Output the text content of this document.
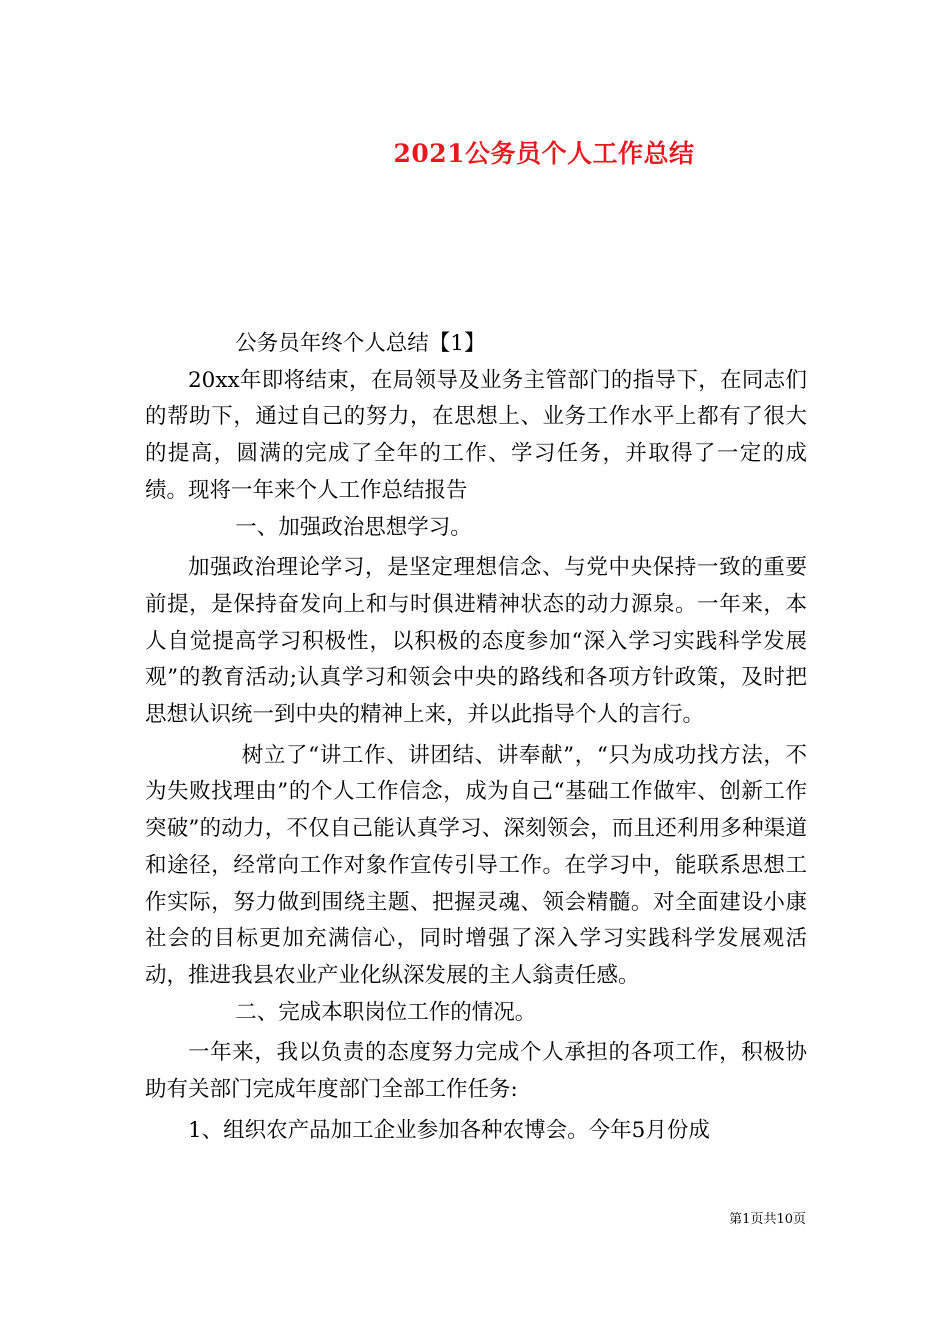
2021公务员个人工作总结

公务员年终个人总结【1】

20xx年即将结束，在局领导及业务主管部门的指导下，在同志们的帮助下，通过自己的努力，在思想上、业务工作水平上都有了很大的提高，圆满的完成了全年的工作、学习任务，并取得了一定的成绩。现将一年来个人工作总结报告

一、加强政治思想学习。

加强政治理论学习，是坚定理想信念、与党中央保持一致的重要前提，是保持奋发向上和与时俱进精神状态的动力源泉。一年来，本人自觉提高学习积极性，以积极的态度参加“深入学习实践科学发展观”的教育活动;认真学习和领会中央的路线和各项方针政策，及时把思想认识统一到中央的精神上来，并以此指导个人的言行。

树立了“讲工作、讲团结、讲奉献”，“只为成功找方法，不为失败找理由”的个人工作信念，成为自己“基础工作做牢、创新工作突破”的动力，不仅自己能认真学习、深刻领会，而且还利用多种渠道和途径，经常向工作对象作宣传引导工作。在学习中，能联系思想工作实际，努力做到围绕主题、把握灵魂、领会精髓。对全面建设小康社会的目标更加充满信心，同时增强了深入学习实践科学发展观活动，推进我县农业产业化纵深发展的主人翁责任感。

二、完成本职岗位工作的情况。

一年来，我以负责的态度努力完成个人承担的各项工作，积极协助有关部门完成年度部门全部工作任务:

1、组织农产品加工企业参加各种农博会。今年5月份成

第1页共10页
